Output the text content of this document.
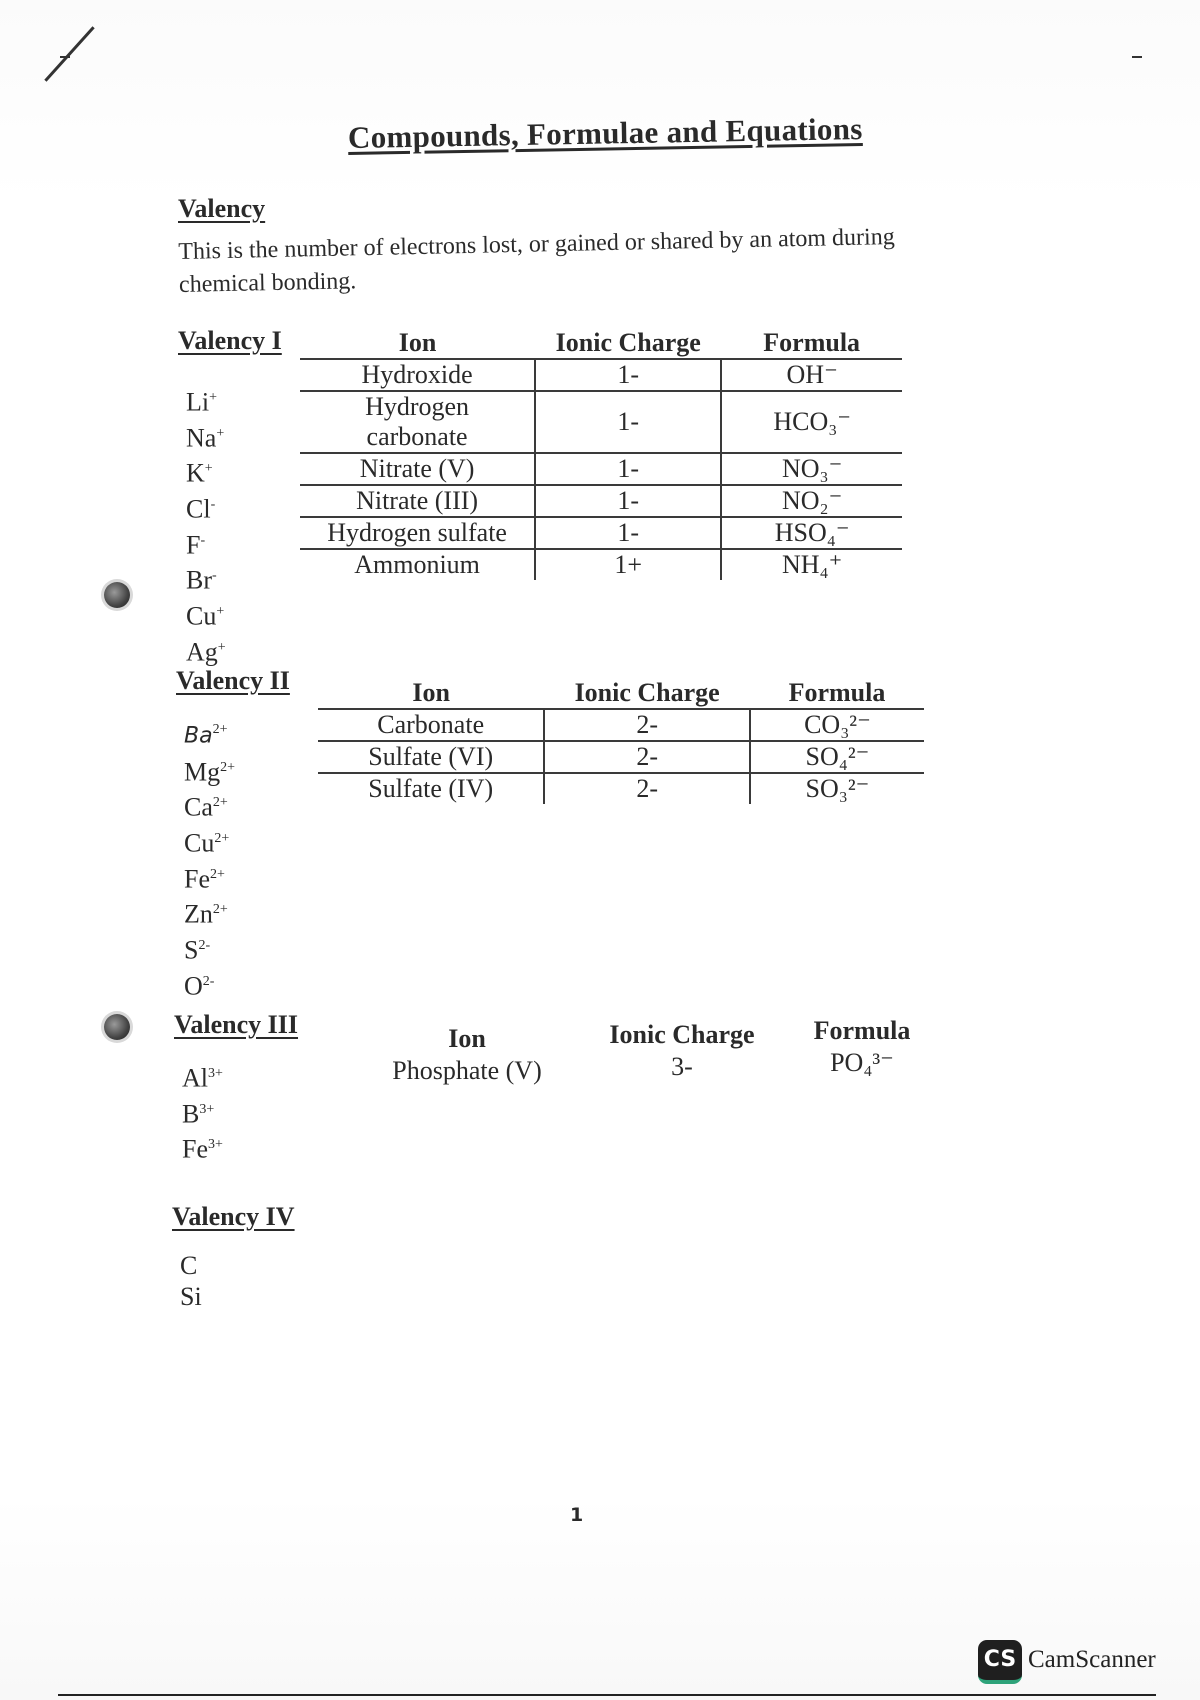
Compounds, Formulae and Equations
Valency
This is the number of electrons lost, or gained or shared by an atom during chemical bonding.
Valency I
Li+
Na+
K+
Cl-
F-
Br-
Cu+
Ag+
Ion	Ionic Charge	Formula
Hydroxide	1-	OH⁻
Hydrogen carbonate	1-	HCO₃⁻
Nitrate (V)	1-	NO₃⁻
Nitrate (III)	1-	NO₂⁻
Hydrogen sulfate	1-	HSO₄⁻
Ammonium	1+	NH₄⁺
Valency II
$Ba^{2+}$
$Mg^{2+}$
$Ca^{2+}$
$Cu^{2+}$
$Fe^{2+}$
$Zn^{2+}$
$S^{2-}$
$O^{2-}$
Ion	Ionic Charge	Formula
Carbonate	2-	CO₃²⁻
Sulfate (VI)	2-	SO₄²⁻
Sulfate (IV)	2-	SO₃²⁻
Valency III
$Al^{3+}$
$B^{3+}$
$Fe^{3+}$
Ion	Ionic Charge	Formula
Phosphate (V)	3-	PO₄³⁻
Valency IV
C
Si
1
CS CamScanner
